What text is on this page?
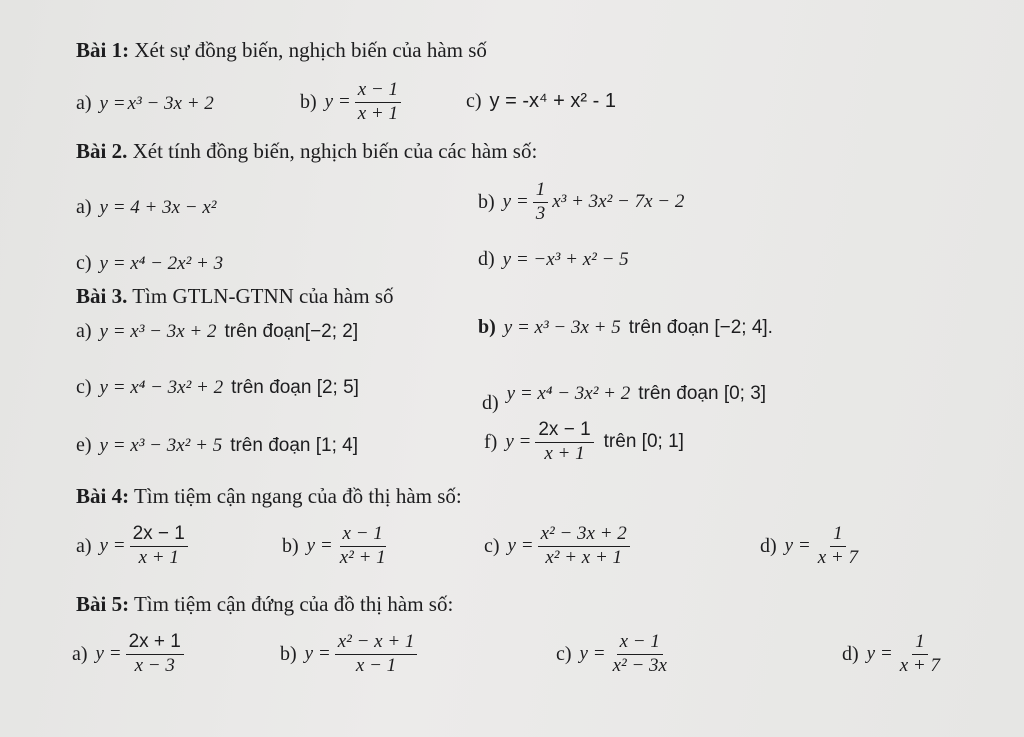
Bài 1: Xét sự đồng biến, nghịch biến của hàm số
a) y = x³ − 3x + 2	b) $y = \frac{x - 1}{x + 1}$	c) y = -x⁴ + x² - 1
Bài 2. Xét tính đồng biến, nghịch biến của các hàm số:
a) y = 4 + 3x − x²	b) $y = \frac{1}{3} x^3 + 3x^2 - 7x - 2$
c) y = x⁴ − 2x² + 3	d) y = −x³ + x² − 5
Bài 3. Tìm GTLN-GTNN của hàm số
a) y = x³ − 3x + 2 trên đoạn[−2; 2]	b) y = x³ − 3x + 5 trên đoạn [−2; 4].
c) y = x⁴ − 3x² + 2 trên đoạn [2; 5]
d) y = x⁴ − 3x² + 2 trên đoạn [0; 3]
e) y = x³ − 3x² + 5 trên đoạn [1; 4]	f) $y = \frac{2x - 1}{x + 1}$ trên [0; 1]
Bài 4: Tìm tiệm cận ngang của đồ thị hàm số:
a) $y = \frac{2x - 1}{x + 1}$	b) $y = \frac{x - 1}{\text{x² + 1}}$	c) $y = \frac{\text{x² − 3x + 2}}{\text{x² + x + 1}}$	d) $y = \frac{1}{x + 7}$
Bài 5: Tìm tiệm cận đứng của đồ thị hàm số:
a) $y = \frac{2x + 1}{x - 3}$	b) $y = \frac{\text{x² − x + 1}}{x - 1}$	c) $y = \frac{x - 1}{\text{x² − 3x}}$	d) $y = \frac{1}{x + 7}$
